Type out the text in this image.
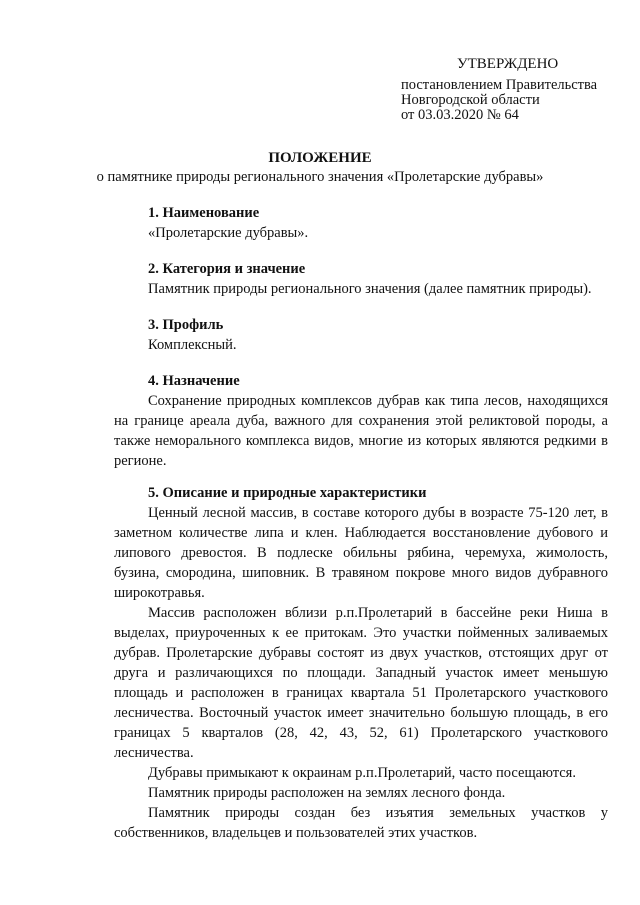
УТВЕРЖДЕНО
постановлением Правительства
Новгородской области
от 03.03.2020 № 64
ПОЛОЖЕНИЕ
о памятнике природы регионального значения «Пролетарские дубравы»
1. Наименование

«Пролетарские дубравы».

2. Категория и значение

Памятник природы регионального значения (далее памятник природы).

3. Профиль

Комплексный.

4. Назначение

Сохранение природных комплексов дубрав как типа лесов, находящихся на границе ареала дуба, важного для сохранения этой реликтовой породы, а также неморального комплекса видов, многие из которых являются редкими в регионе.

5. Описание и природные характеристики

Ценный лесной массив, в составе которого дубы в возрасте 75-120 лет, в заметном количестве липа и клен. Наблюдается восстановление дубового и липового древостоя. В подлеске обильны рябина, черемуха, жимолость, бузина, смородина, шиповник. В травяном покрове много видов дубравного широкотравья.

Массив расположен вблизи р.п.Пролетарий в бассейне реки Ниша в выделах, приуроченных к ее притокам. Это участки пойменных заливаемых дубрав. Пролетарские дубравы состоят из двух участков, отстоящих друг от друга и различающихся по площади. Западный участок имеет меньшую площадь и расположен в границах квартала 51 Пролетарского участкового лесничества. Восточный участок имеет значительно большую площадь, в его границах 5 кварталов (28, 42, 43, 52, 61) Пролетарского участкового лесничества.

Дубравы примыкают к окраинам р.п.Пролетарий, часто посещаются.

Памятник природы расположен на землях лесного фонда.

Памятник природы создан без изъятия земельных участков у собственников, владельцев и пользователей этих участков.
